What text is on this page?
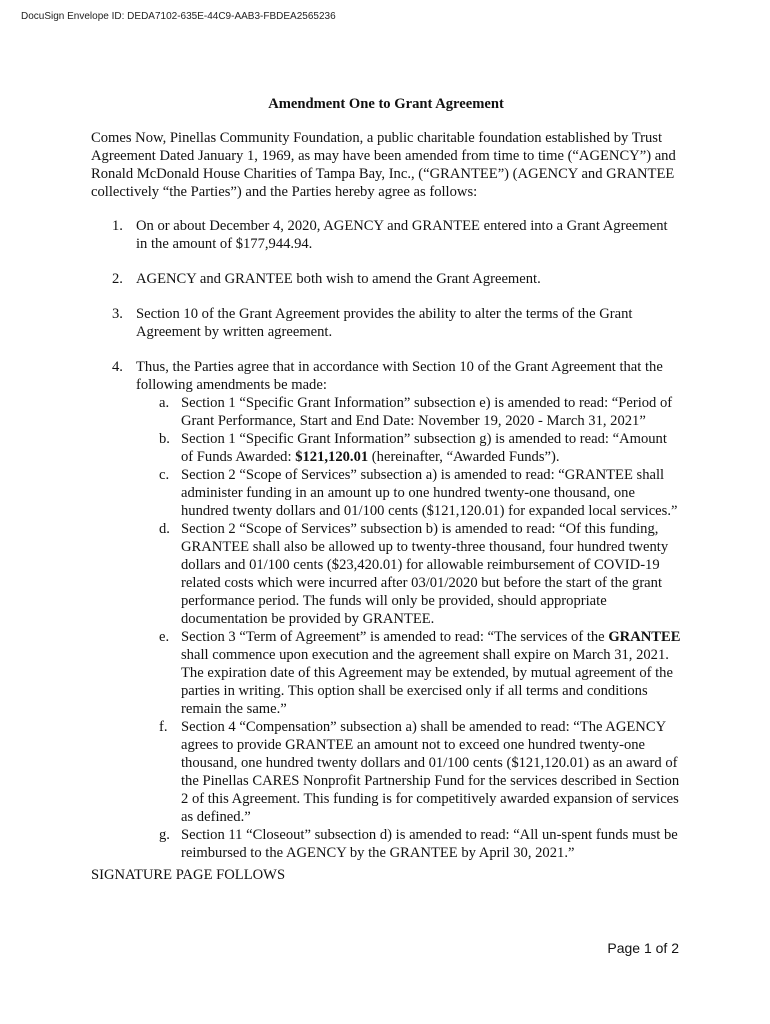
DocuSign Envelope ID: DEDA7102-635E-44C9-AAB3-FBDEA2565236
Amendment One to Grant Agreement
Comes Now, Pinellas Community Foundation, a public charitable foundation established by Trust Agreement Dated January 1, 1969, as may have been amended from time to time (“AGENCY”) and Ronald McDonald House Charities of Tampa Bay, Inc., (“GRANTEE”) (AGENCY and GRANTEE collectively “the Parties”) and the Parties hereby agree as follows:
1. On or about December 4, 2020, AGENCY and GRANTEE entered into a Grant Agreement in the amount of $177,944.94.
2. AGENCY and GRANTEE both wish to amend the Grant Agreement.
3. Section 10 of the Grant Agreement provides the ability to alter the terms of the Grant Agreement by written agreement.
4. Thus, the Parties agree that in accordance with Section 10 of the Grant Agreement that the following amendments be made:
a. Section 1 “Specific Grant Information” subsection e) is amended to read: “Period of Grant Performance, Start and End Date: November 19, 2020 - March 31, 2021”
b. Section 1 “Specific Grant Information” subsection g) is amended to read: “Amount of Funds Awarded: $121,120.01 (hereinafter, “Awarded Funds”).
c. Section 2 “Scope of Services” subsection a) is amended to read: “GRANTEE shall administer funding in an amount up to one hundred twenty-one thousand, one hundred twenty dollars and 01/100 cents ($121,120.01) for expanded local services.”
d. Section 2 “Scope of Services” subsection b) is amended to read: “Of this funding, GRANTEE shall also be allowed up to twenty-three thousand, four hundred twenty dollars and 01/100 cents ($23,420.01) for allowable reimbursement of COVID-19 related costs which were incurred after 03/01/2020 but before the start of the grant performance period. The funds will only be provided, should appropriate documentation be provided by GRANTEE.
e. Section 3 “Term of Agreement” is amended to read: “The services of the GRANTEE shall commence upon execution and the agreement shall expire on March 31, 2021. The expiration date of this Agreement may be extended, by mutual agreement of the parties in writing. This option shall be exercised only if all terms and conditions remain the same.”
f. Section 4 “Compensation” subsection a) shall be amended to read: “The AGENCY agrees to provide GRANTEE an amount not to exceed one hundred twenty-one thousand, one hundred twenty dollars and 01/100 cents ($121,120.01) as an award of the Pinellas CARES Nonprofit Partnership Fund for the services described in Section 2 of this Agreement. This funding is for competitively awarded expansion of services as defined.”
g. Section 11 “Closeout” subsection d) is amended to read: “All un-spent funds must be reimbursed to the AGENCY by the GRANTEE by April 30, 2021.”
SIGNATURE PAGE FOLLOWS
Page 1 of 2
